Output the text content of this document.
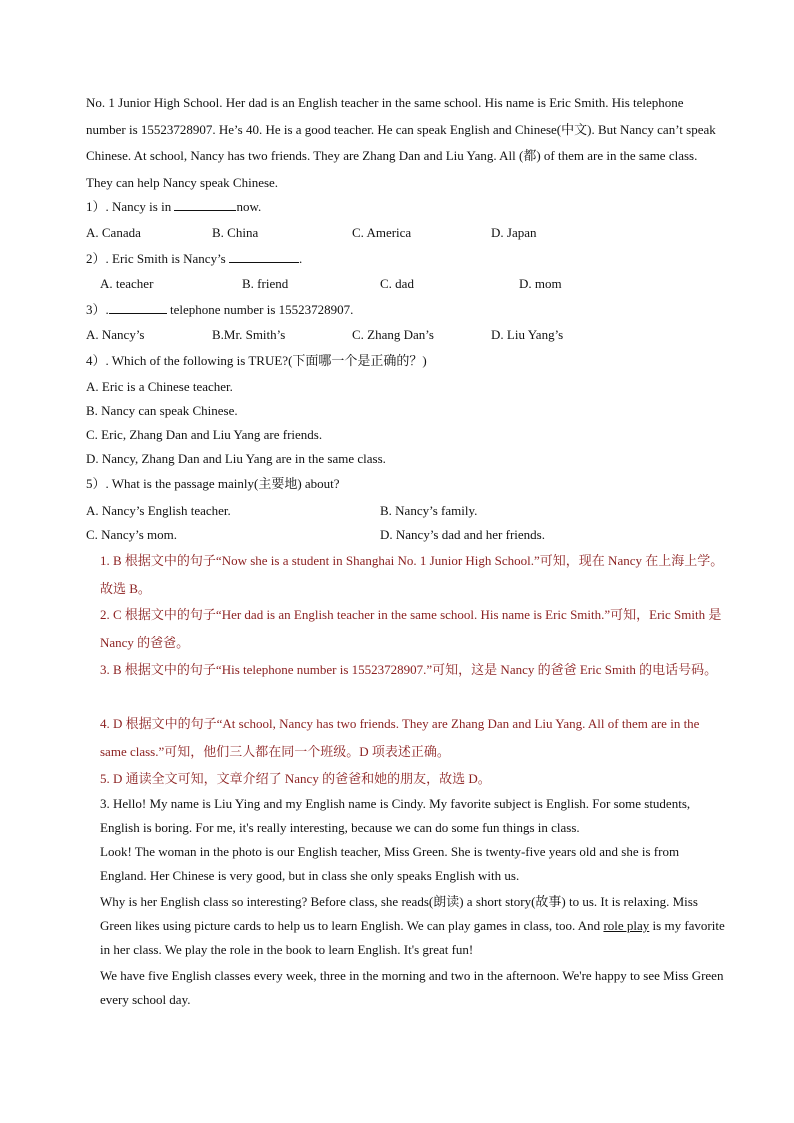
No. 1 Junior High School. Her dad is an English teacher in the same school. His name is Eric Smith. His telephone number is 15523728907. He’s 40. He is a good teacher. He can speak English and Chinese(中文). But Nancy can’t speak Chinese. At school, Nancy has two friends. They are Zhang Dan and Liu Yang. All (都) of them are in the same class. They can help Nancy speak Chinese.

1）. Nancy is in	now.
A. Canada	B. China	C. America	D. Japan
2）. Eric Smith is Nancy’s	.
A. teacher	B. friend	C. dad	D. mom
3）.	telephone number is 15523728907.
A. Nancy’s	B.Mr. Smith’s	C. Zhang Dan’s	D. Liu Yang’s
4）. Which of the following is TRUE?(下面哪一个是正确的？)
A. Eric is a Chinese teacher.
B. Nancy can speak Chinese.
C. Eric, Zhang Dan and Liu Yang are friends.
D. Nancy, Zhang Dan and Liu Yang are in the same class.
5）. What is the passage mainly(主要地) about?
A. Nancy’s English teacher.	B. Nancy’s family.
C. Nancy’s mom.	D. Nancy’s dad and her friends.

1. B 根据文中的句子“Now she is a student in Shanghai No. 1 Junior High School.”可知，现在 Nancy 在上海上学。故选 B。

2. C 根据文中的句子“Her dad is an English teacher in the same school. His name is Eric Smith.”可知，Eric Smith 是 Nancy 的爸爸。

3. B 根据文中的句子“His telephone number is 15523728907.”可知，这是 Nancy 的爸爸 Eric Smith 的电话号码。

4. D 根据文中的句子“At school, Nancy has two friends. They are Zhang Dan and Liu Yang. All of them are in the same class.”可知，他们三人都在同一个班级。D 项表述正确。

5. D 通读全文可知，文章介绍了 Nancy 的爸爸和她的朋友，故选 D。

3. Hello! My name is Liu Ying and my English name is Cindy. My favorite subject is English. For some students, English is boring. For me, it's really interesting, because we can do some fun things in class.

Look! The woman in the photo is our English teacher, Miss Green. She is twenty-five years old and she is from England. Her Chinese is very good, but in class she only speaks English with us.

Why is her English class so interesting? Before class, she reads(朗读) a short story(故事) to us. It is relaxing. Miss Green likes using picture cards to help us to learn English. We can play games in class, too. And role play is my favorite in her class. We play the role in the book to learn English. It's great fun!

We have five English classes every week, three in the morning and two in the afternoon. We're happy to see Miss Green every school day.
